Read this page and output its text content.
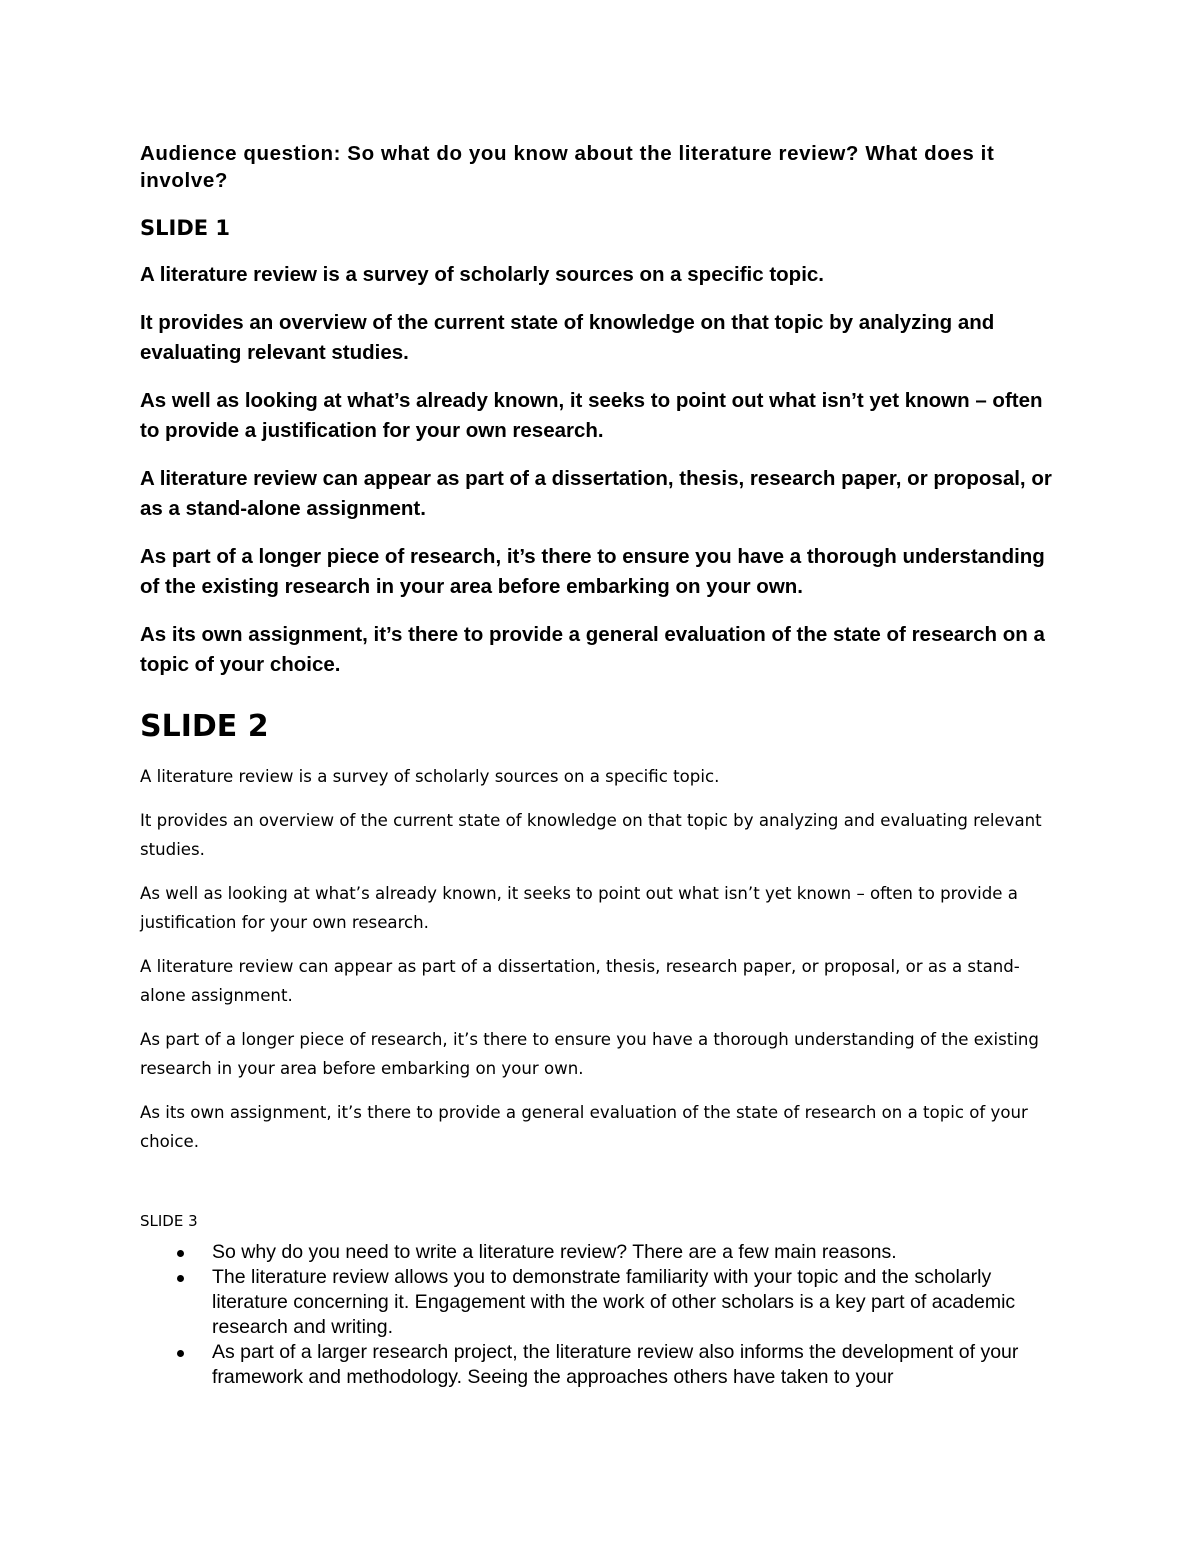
Audience question: So what do you know about the literature review? What does it involve?

SLIDE 1

A literature review is a survey of scholarly sources on a specific topic.

It provides an overview of the current state of knowledge on that topic by analyzing and evaluating relevant studies.

As well as looking at what’s already known, it seeks to point out what isn’t yet known – often to provide a justification for your own research.

A literature review can appear as part of a dissertation, thesis, research paper, or proposal, or as a stand-alone assignment.

As part of a longer piece of research, it’s there to ensure you have a thorough understanding of the existing research in your area before embarking on your own.

As its own assignment, it’s there to provide a general evaluation of the state of research on a topic of your choice.

SLIDE 2

A literature review is a survey of scholarly sources on a specific topic.

It provides an overview of the current state of knowledge on that topic by analyzing and evaluating relevant studies.

As well as looking at what’s already known, it seeks to point out what isn’t yet known – often to provide a justification for your own research.

A literature review can appear as part of a dissertation, thesis, research paper, or proposal, or as a stand-alone assignment.

As part of a longer piece of research, it’s there to ensure you have a thorough understanding of the existing research in your area before embarking on your own.

As its own assignment, it’s there to provide a general evaluation of the state of research on a topic of your choice.

SLIDE 3
So why do you need to write a literature review? There are a few main reasons.
The literature review allows you to demonstrate familiarity with your topic and the scholarly literature concerning it. Engagement with the work of other scholars is a key part of academic research and writing.
As part of a larger research project, the literature review also informs the development of your framework and methodology. Seeing the approaches others have taken to your
